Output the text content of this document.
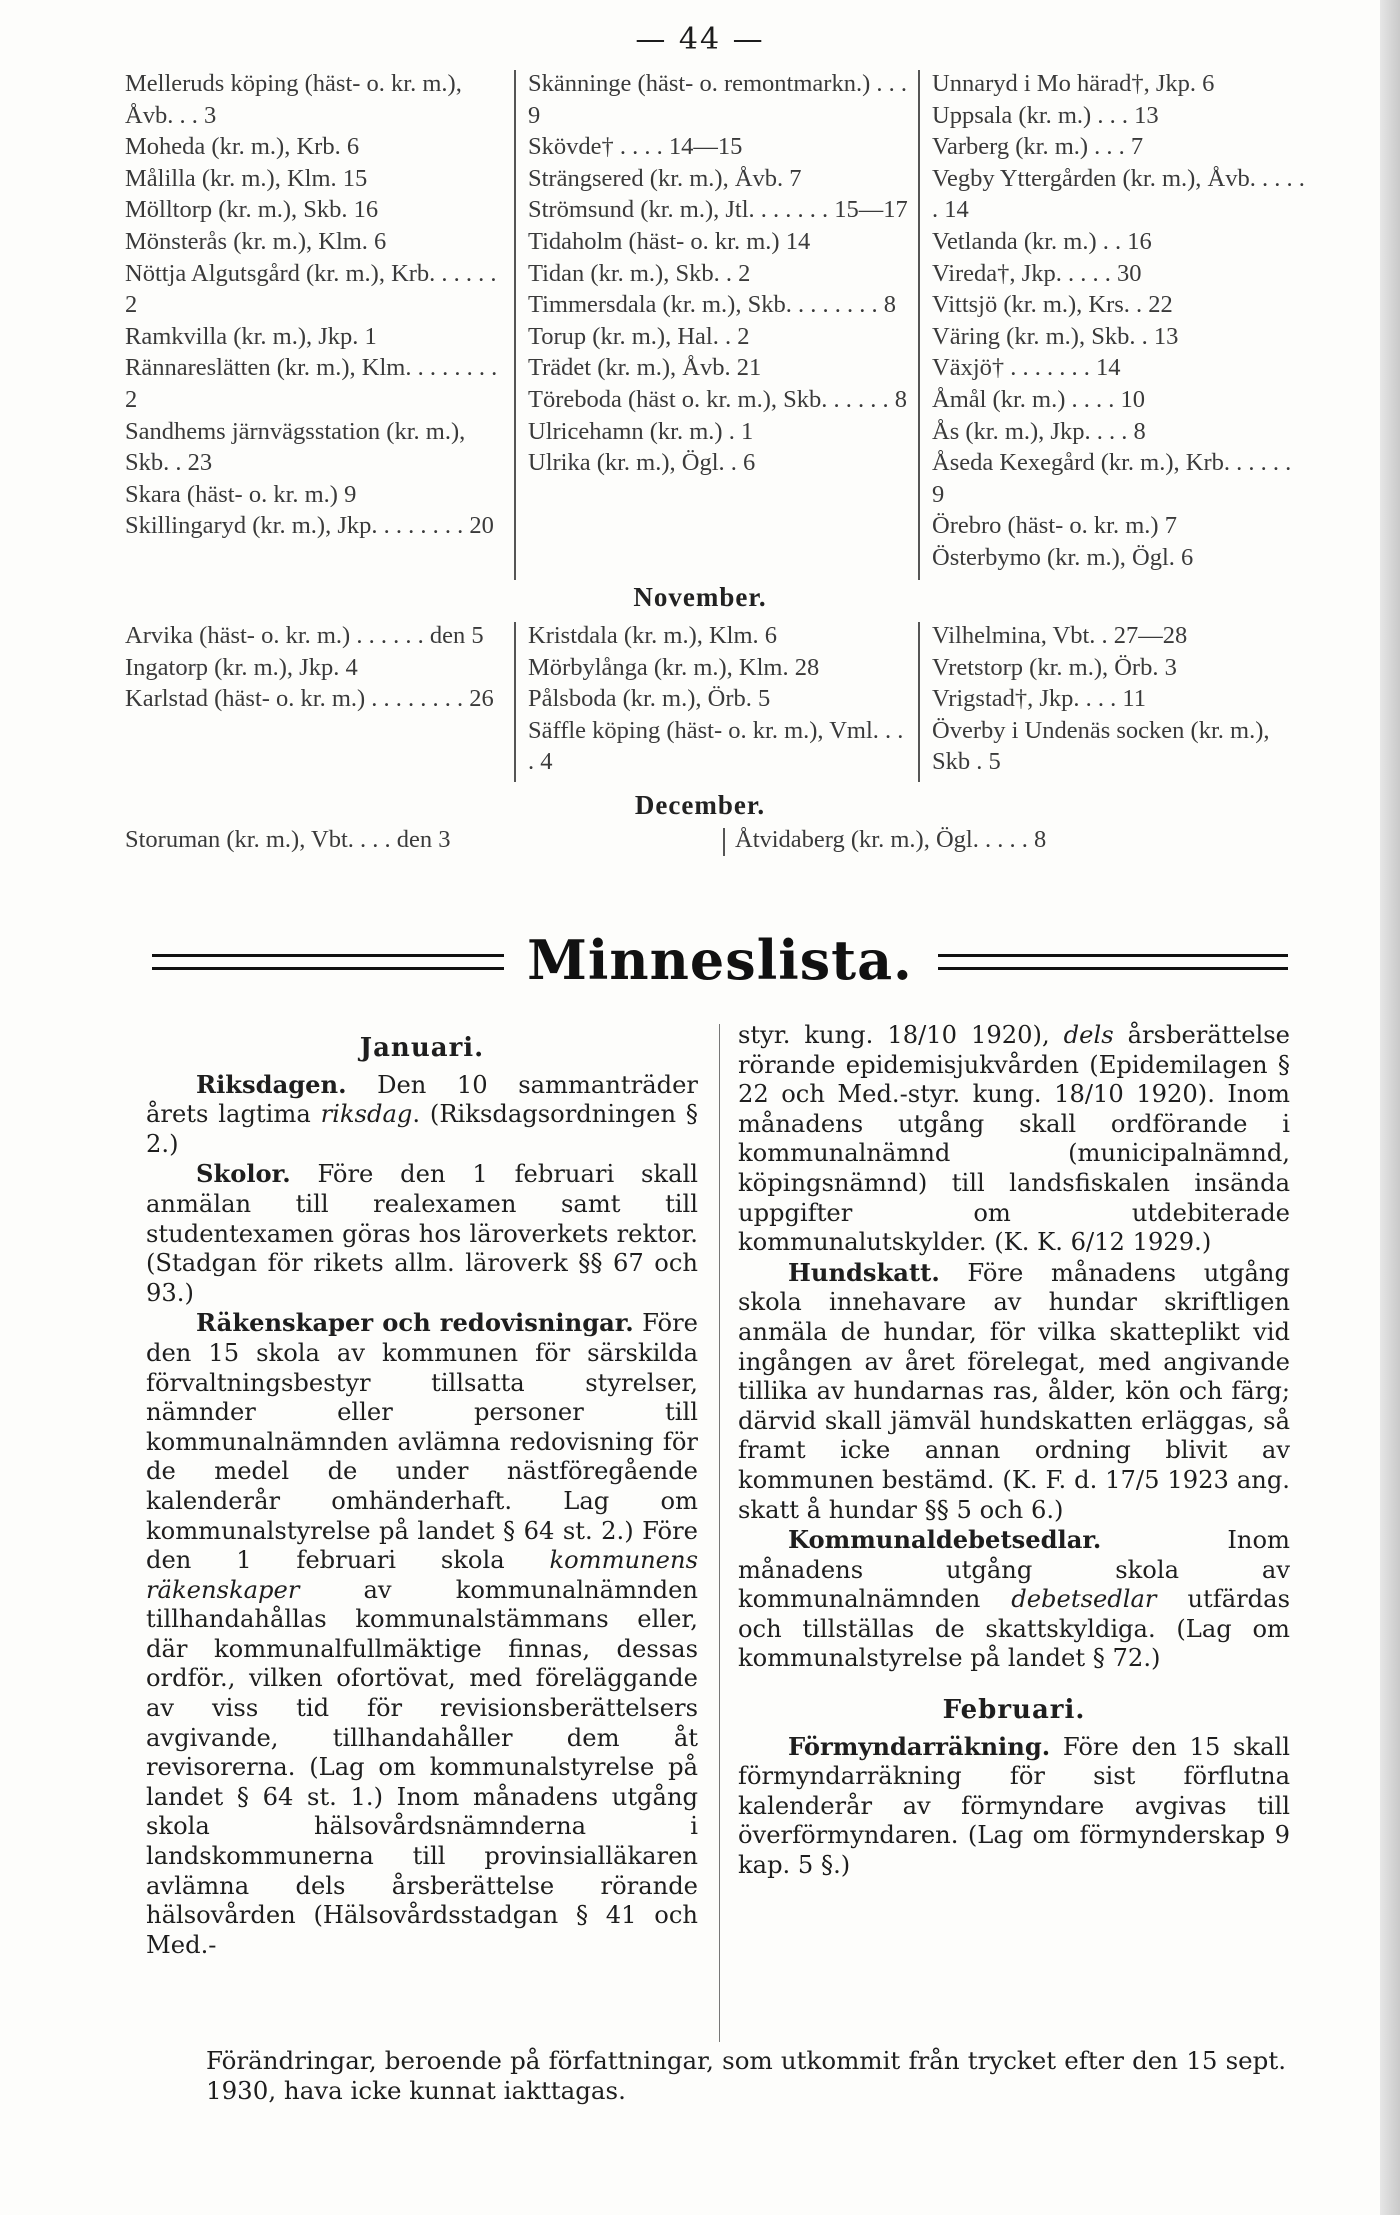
— 44 —
Melleruds köping (häst- o. kr. m.), Åvb. . . 3
Moheda (kr. m.), Krb. 6
Målilla (kr. m.), Klm. 15
Mölltorp (kr. m.), Skb. 16
Mönsterås (kr. m.), Klm. 6
Nöttja Algutsgård (kr. m.), Krb. . . . . . 2
Ramkvilla (kr. m.), Jkp. 1
Rännareslätten (kr. m.), Klm. . . . . . . . 2
Sandhems järnvägsstation (kr. m.), Skb. . 23
Skara (häst- o. kr. m.) 9
Skillingaryd (kr. m.), Jkp. . . . . . . . 20
Skänninge (häst- o. remontmarkn.) . . . 9
Skövde† . . . . 14—15
Strängsered (kr. m.), Åvb. 7
Strömsund (kr. m.), Jtl. . . . . . . 15—17
Tidaholm (häst- o. kr. m.) 14
Tidan (kr. m.), Skb. . 2
Timmersdala (kr. m.), Skb. . . . . . . . 8
Torup (kr. m.), Hal. . 2
Trädet (kr. m.), Åvb. 21
Töreboda (häst o. kr. m.), Skb. . . . . . 8
Ulricehamn (kr. m.) . 1
Ulrika (kr. m.), Ögl. . 6
Unnaryd i Mo härad†, Jkp. 6
Uppsala (kr. m.) . . . 13
Varberg (kr. m.) . . . 7
Vegby Yttergården (kr. m.), Åvb. . . . . . 14
Vetlanda (kr. m.) . . 16
Viredа†, Jkp. . . . . 30
Vittsjö (kr. m.), Krs. . 22
Väring (kr. m.), Skb. . 13
Växjö† . . . . . . . 14
Åmål (kr. m.) . . . . 10
Ås (kr. m.), Jkp. . . . 8
Åseda Kexegård (kr. m.), Krb. . . . . . 9
Örebro (häst- o. kr. m.) 7
Österbymo (kr. m.), Ögl. 6
November.
Arvika (häst- o. kr. m.) . . . . . . den 5
Ingatorp (kr. m.), Jkp. 4
Karlstad (häst- o. kr. m.) . . . . . . . . 26
Kristdala (kr. m.), Klm. 6
Mörbylånga (kr. m.), Klm. 28
Pålsboda (kr. m.), Örb. 5
Säffle köping (häst- o. kr. m.), Vml. . . . 4
Vilhelmina, Vbt. . 27—28
Vretstorp (kr. m.), Örb. 3
Vrigstad†, Jkp. . . . 11
Överby i Undenäs socken (kr. m.), Skb . 5
December.
Storuman (kr. m.), Vbt. . . . den 3	Åtvidaberg (kr. m.), Ögl. . . . . 8
Minneslista.
Januari.

Riksdagen. Den 10 sammanträder årets lagtima riksdag. (Riksdagsordningen § 2.)

Skolor. Före den 1 februari skall anmälan till realexamen samt till studentexamen göras hos läroverkets rektor. (Stadgan för rikets allm. läroverk §§ 67 och 93.)

Räkenskaper och redovisningar. Före den 15 skola av kommunen för särskilda förvaltningsbestyr tillsatta styrelser, nämnder eller personer till kommunalnämnden avlämna redovisning för de medel de under nästföregående kalenderår omhänderhaft. Lag om kommunalstyrelse på landet § 64 st. 2.) Före den 1 februari skola kommunens räkenskaper av kommunalnämnden tillhandahållas kommunalstämmans eller, där kommunalfullmäktige finnas, dessas ordför., vilken ofortövat, med föreläggande av viss tid för revisionsberättelsers avgivande, tillhandahåller dem åt revisorerna. (Lag om kommunalstyrelse på landet § 64 st. 1.) Inom månadens utgång skola hälsovårdsnämnderna i landskommunerna till provinsialläkaren avlämna dels årsberättelse rörande hälsovården (Hälsovårdsstadgan § 41 och Med.-

styr. kung. 18/10 1920), dels årsberättelse rörande epidemisjukvården (Epidemilagen § 22 och Med.-styr. kung. 18/10 1920). Inom månadens utgång skall ordförande i kommunalnämnd (municipalnämnd, köpingsnämnd) till landsfiskalen insända uppgifter om utdebiterade kommunalutskylder. (K. K. 6/12 1929.)

Hundskatt. Före månadens utgång skola innehavare av hundar skriftligen anmäla de hundar, för vilka skatteplikt vid ingången av året förelegat, med angivande tillika av hundarnas ras, ålder, kön och färg; därvid skall jämväl hundskatten erläggas, så framt icke annan ordning blivit av kommunen bestämd. (K. F. d. 17/5 1923 ang. skatt å hundar §§ 5 och 6.)

Kommunaldebetsedlar. Inom månadens utgång skola av kommunalnämnden debetsedlar utfärdas och tillställas de skattskyldiga. (Lag om kommunalstyrelse på landet § 72.)

Februari.

Förmyndarräkning. Före den 15 skall förmyndarräkning för sist förflutna kalenderår av förmyndare avgivas till överförmyndaren. (Lag om förmynderskap 9 kap. 5 §.)

Förändringar, beroende på författningar, som utkommit från trycket efter den 15 sept. 1930, hava icke kunnat iakttagas.
